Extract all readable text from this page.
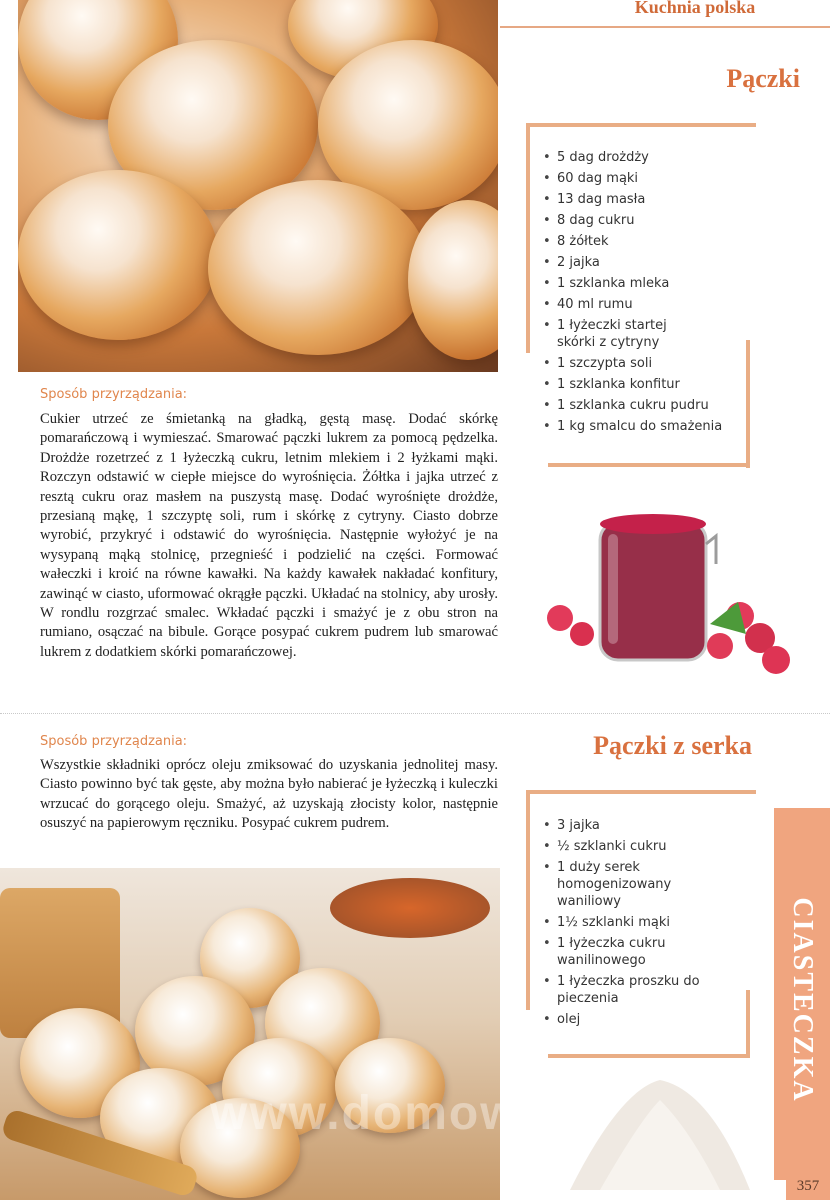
Kuchnia polska
Pączki
• 5 dag drożdży
• 60 dag mąki
• 13 dag masła
• 8 dag cukru
• 8 żółtek
• 2 jajka
• 1 szklanka mleka
• 40 ml rumu
• 1 łyżeczki startej skórki z cytryny
• 1 szczypta soli
• 1 szklanka konfitur
• 1 szklanka cukru pudru
• 1 kg smalcu do smażenia
Sposób przyrządzania:

Cukier utrzeć ze śmietanką na gładką, gęstą masę. Dodać skórkę pomarańczową i wymieszać. Smarować pączki lukrem za pomocą pędzelka. Drożdże rozetrzeć z 1 łyżeczką cukru, letnim mlekiem i 2 łyżkami mąki. Rozczyn odstawić w ciepłe miejsce do wyrośnięcia. Żółtka i jajka utrzeć z resztą cukru oraz masłem na puszystą masę. Dodać wyrośnięte drożdże, przesianą mąkę, 1 szczyptę soli, rum i skórkę z cytryny. Ciasto dobrze wyrobić, przykryć i odstawić do wyrośnięcia. Następnie wyłożyć je na wysypaną mąką stolnicę, przegnieść i podzielić na części. Formować wałeczki i kroić na równe kawałki. Na każdy kawałek nakładać konfitury, zawinąć w ciasto, uformować okrągłe pączki. Układać na stolnicy, aby urosły. W rondlu rozgrzać smalec. Wkładać pączki i smażyć je z obu stron na rumiano, osączać na bibule. Gorące posypać cukrem pudrem lub smarować lukrem z dodatkiem skórki pomarańczowej.

Pączki z serka
Sposób przyrządzania:

Wszystkie składniki oprócz oleju zmiksować do uzyskania jednolitej masy. Ciasto powinno być tak gęste, aby można było nabierać je łyżeczką i kuleczki wrzucać do gorącego oleju. Smażyć, aż uzyskają złocisty kolor, następnie osuszyć na papierowym ręczniku. Posypać cukrem pudrem.

•	3 jajka
• ½ szklanki cukru
• 1 duży serek homogenizowany waniliowy
• 1½ szklanki mąki
• 1 łyżeczka cukru wanilinowego
• 1 łyżeczka proszku do pieczenia
• olej
www.domowa.pl
CIASTECZKA
357
